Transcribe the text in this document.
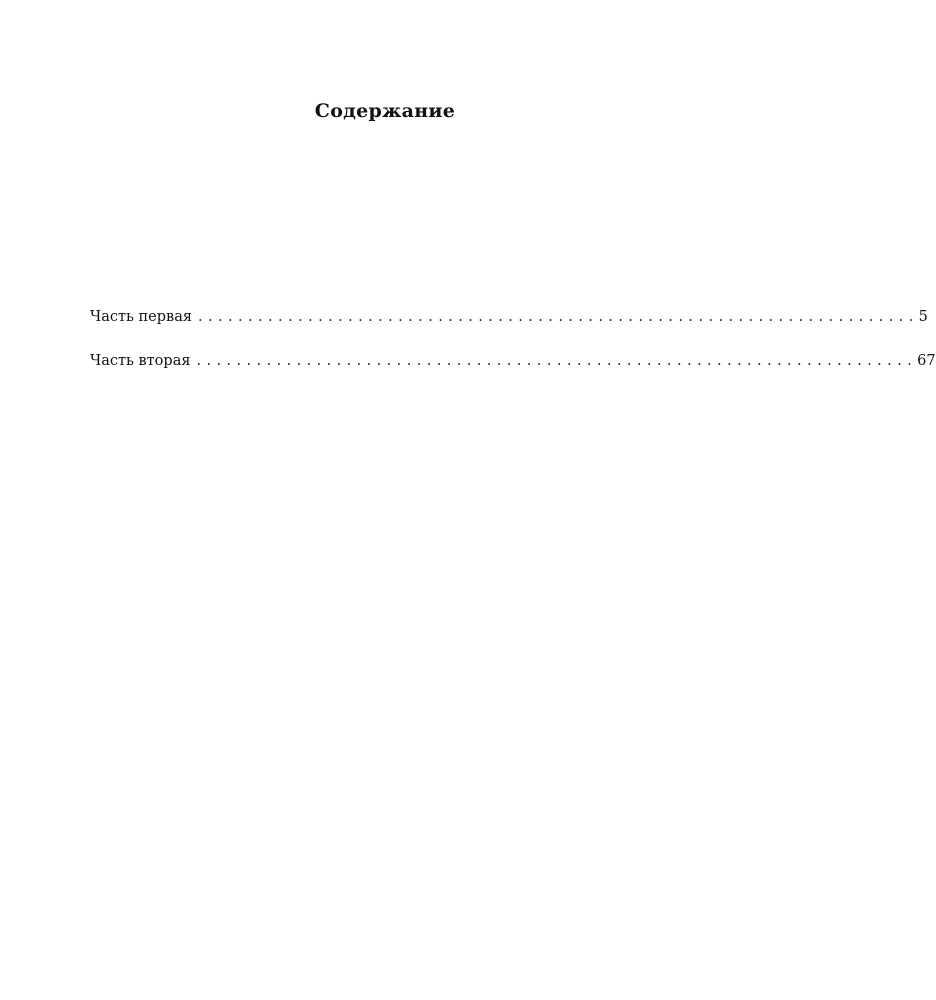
Содержание
Часть первая ........................................................................ 5
Часть вторая ........................................................................ 67
